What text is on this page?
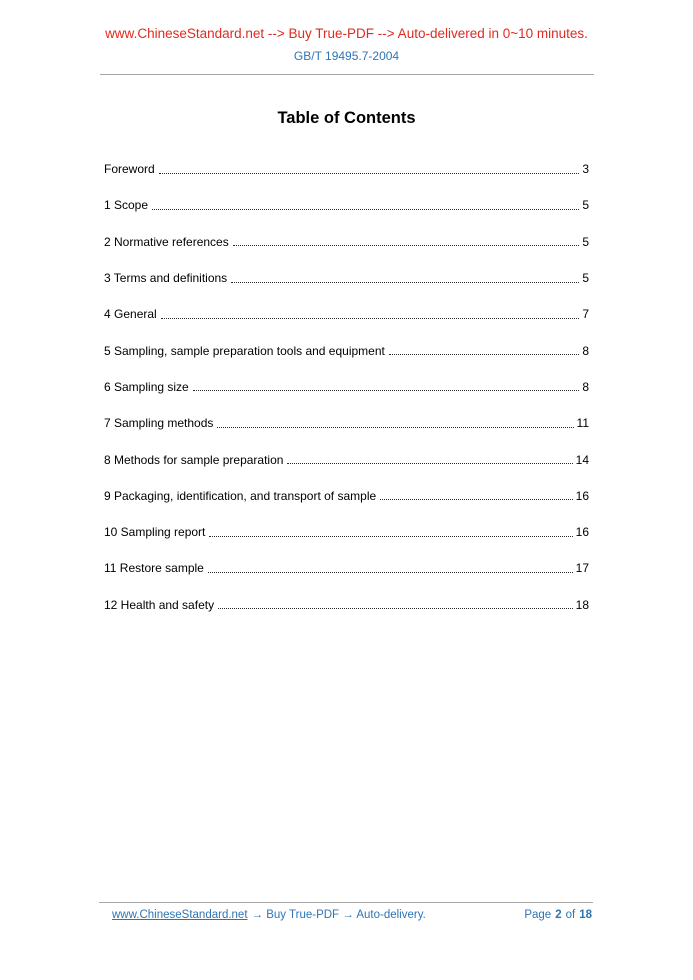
www.ChineseStandard.net --> Buy True-PDF --> Auto-delivered in 0~10 minutes.
GB/T 19495.7-2004
Table of Contents
Foreword	3
1 Scope	5
2 Normative references	5
3 Terms and definitions	5
4 General	7
5 Sampling, sample preparation tools and equipment	8
6 Sampling size	8
7 Sampling methods	11
8 Methods for sample preparation	14
9 Packaging, identification, and transport of sample	16
10 Sampling report	16
11 Restore sample	17
12 Health and safety	18
www.ChineseStandard.net → Buy True-PDF → Auto-delivery.	Page 2 of 18
